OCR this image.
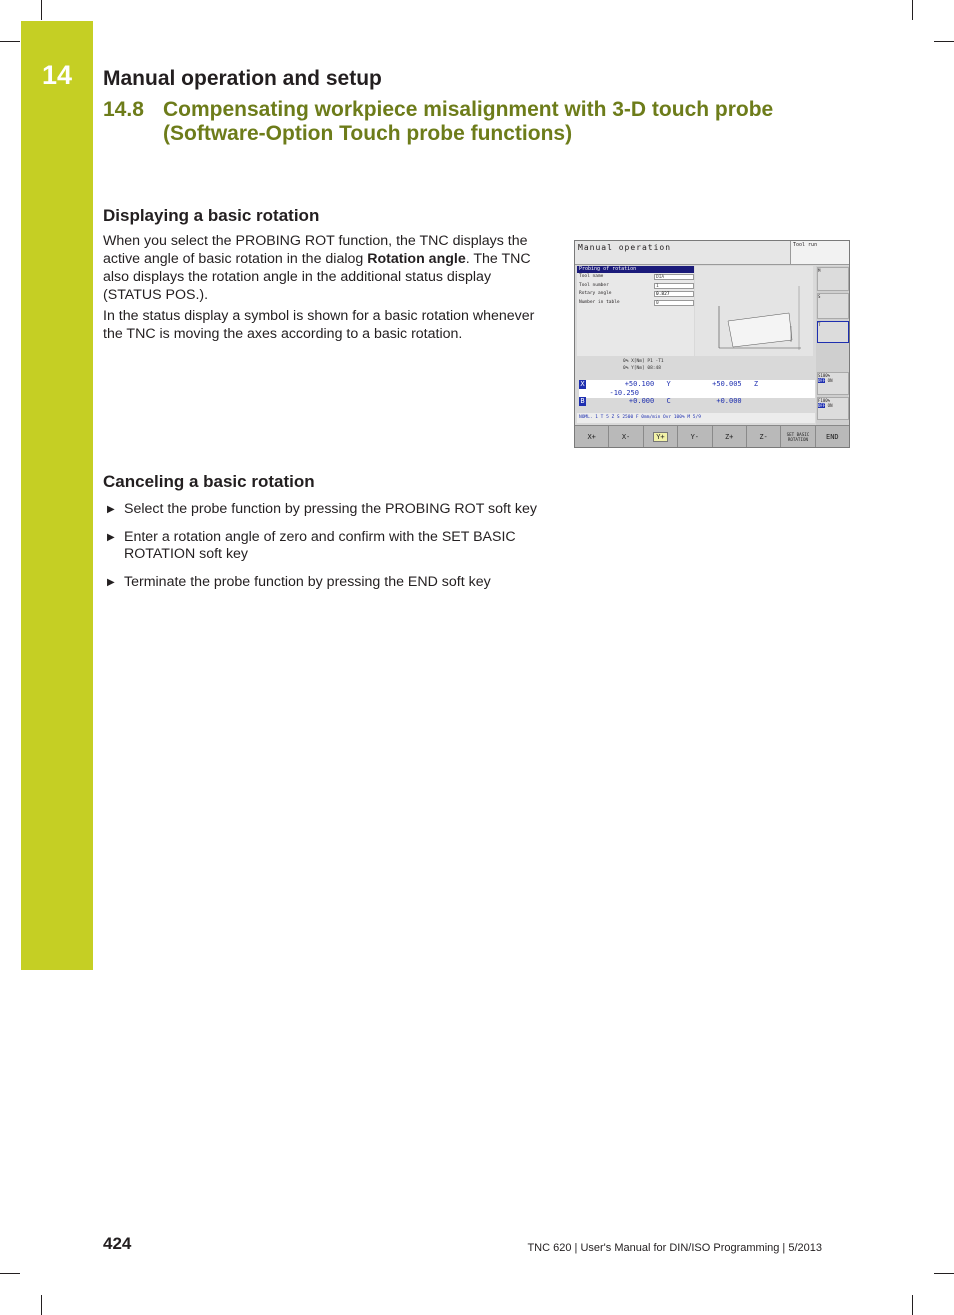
14	Manual operation and setup
14.8 Compensating workpiece misalignment with 3-D touch probe
(Software-Option Touch probe functions)
Displaying a basic rotation
When you select the PROBING ROT function, the TNC displays the active angle of basic rotation in the dialog Rotation angle. The TNC also displays the rotation angle in the additional status display (STATUS POS.).
In the status display a symbol is shown for a basic rotation whenever the TNC is moving the axes according to a basic rotation.
Canceling a basic rotation
▶ Select the probe function by pressing the PROBING ROT soft key
▶ Enter a rotation angle of zero and confirm with the SET BASIC ROTATION soft key
▶ Terminate the probe function by pressing the END soft key
Manual operation	Tool run
Probing of rotation
Tool name	DIA
Tool number	1
Rotary angle	0.827
Number in table	0
M
S
T
S100%
OFF ON
F100%
OFF ON
0% X[Nm] P1 -T1
0% Y[Nm] 08:48
X	+50.100 Y	+50.005 Z -10.250
B	+0.000 C	+0.000
NOML. 1 T 5 Z S 2500 F 0mm/min Ovr 100% M 5/9
X+	X-	Y+	Y-	Z+	Z-	SET BASIC ROTATION	END
424	TNC 620 | User's Manual for DIN/ISO Programming | 5/2013
